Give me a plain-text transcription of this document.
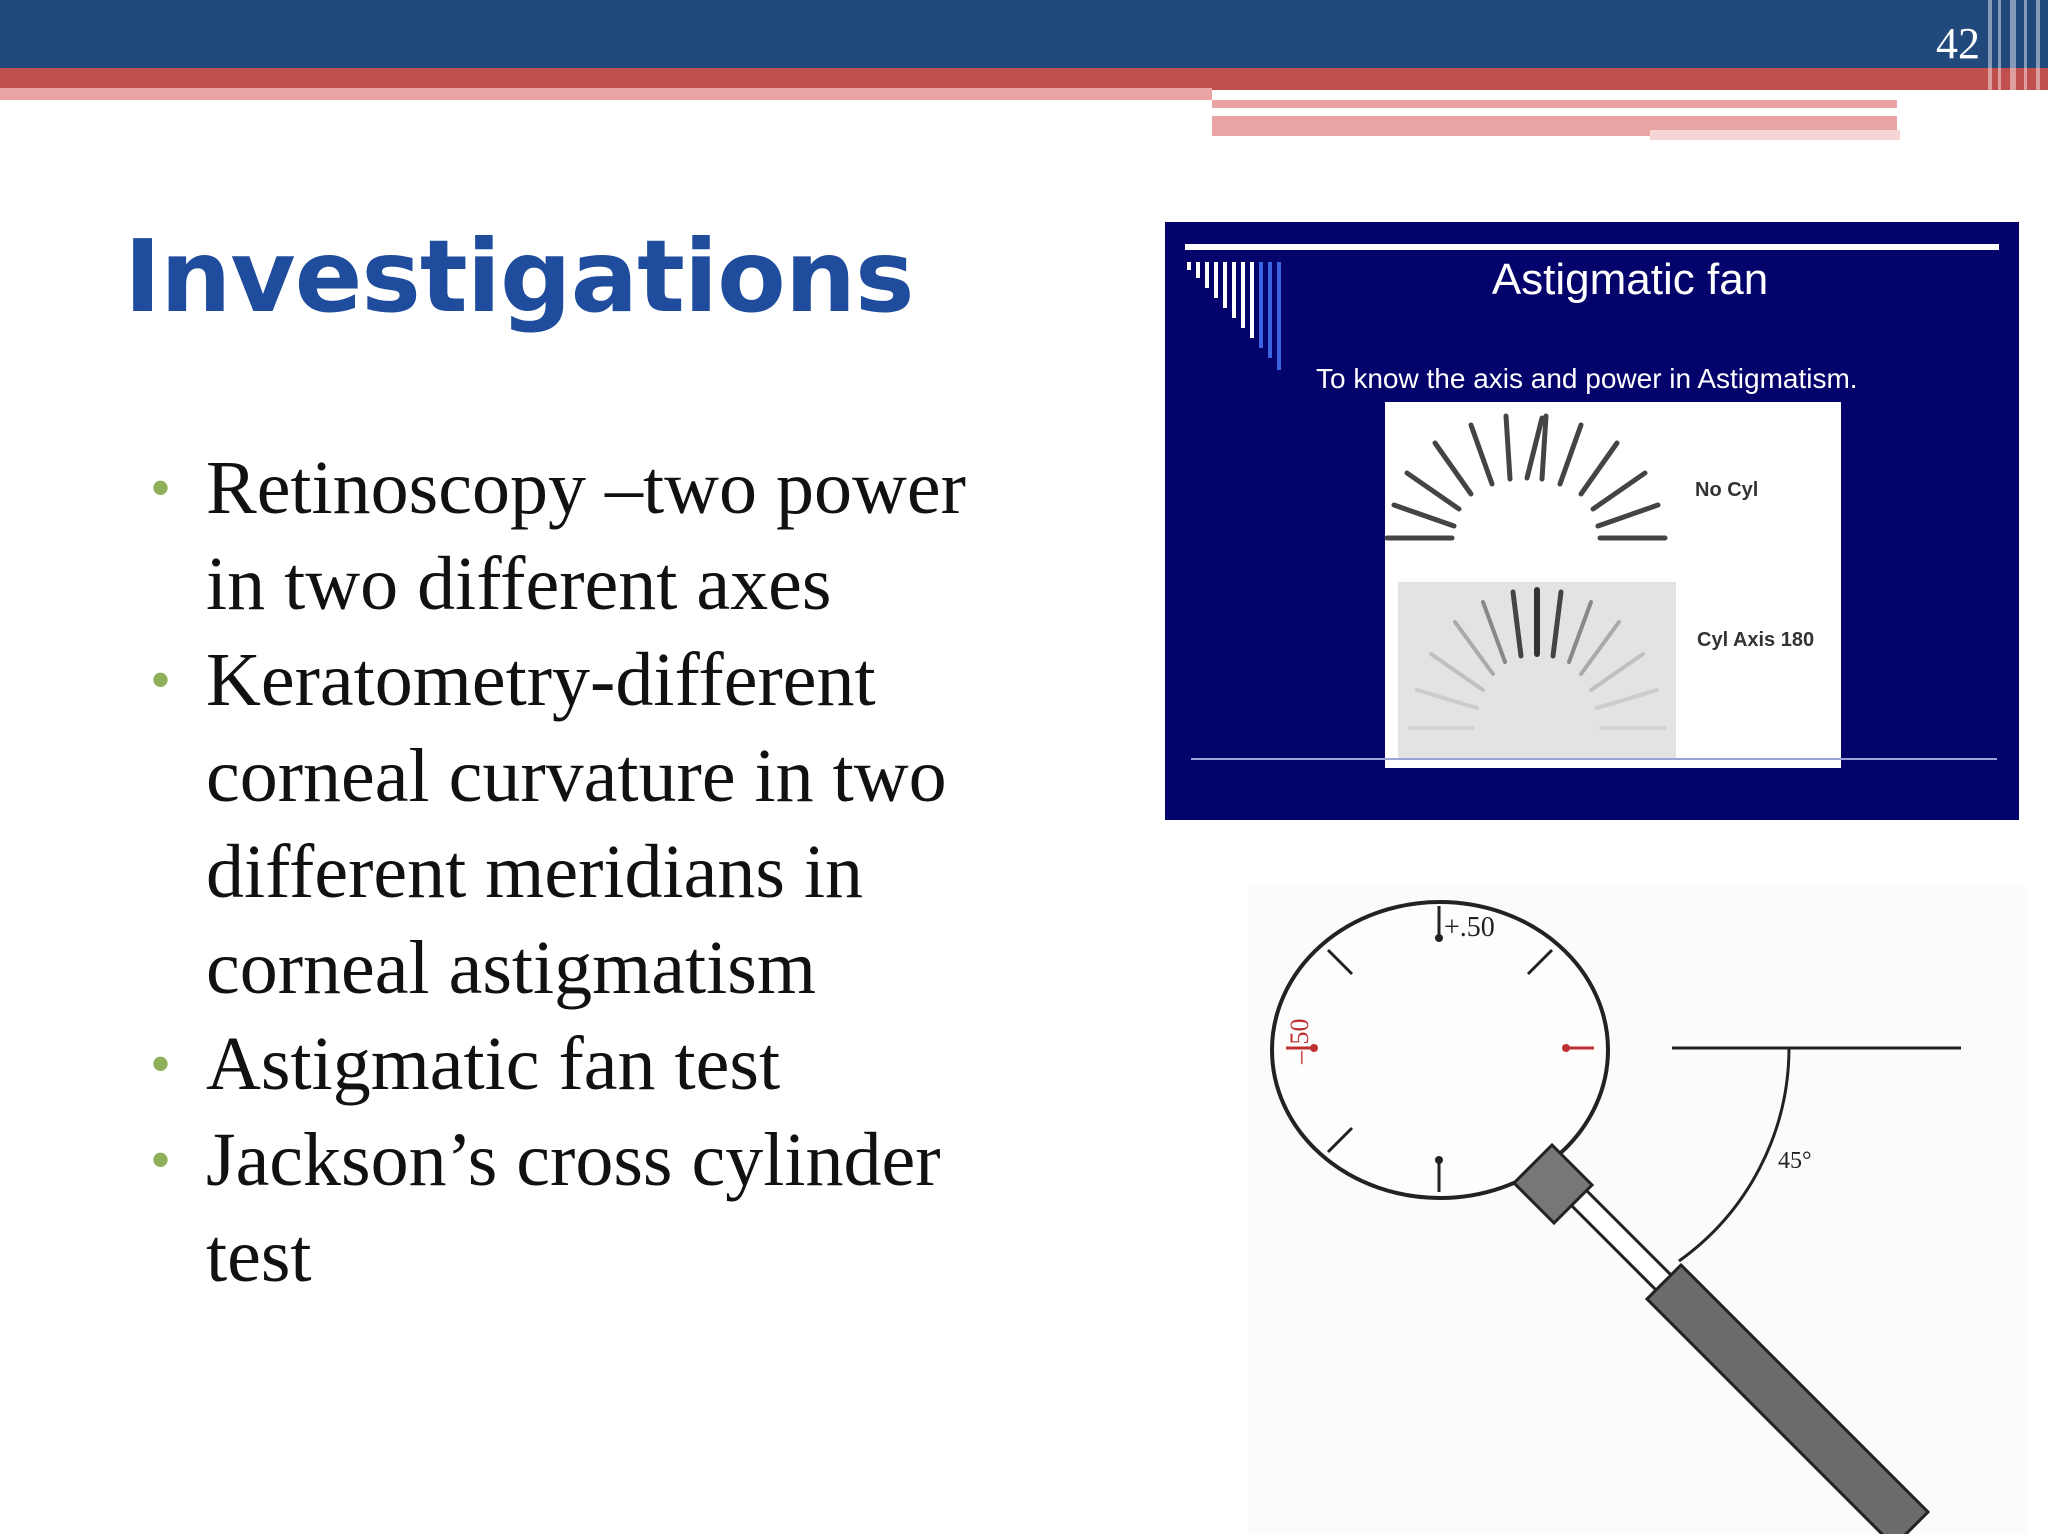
42
Investigations
• Retinoscopy –two power
in two different axes
• Keratometry-different
corneal curvature in two
different meridians in
corneal astigmatism
• Astigmatic fan test
• Jackson’s cross cylinder
test
Astigmatic fan
To know the axis and power in Astigmatism.
No Cyl
Cyl Axis 180
+.50
–.50
45°
